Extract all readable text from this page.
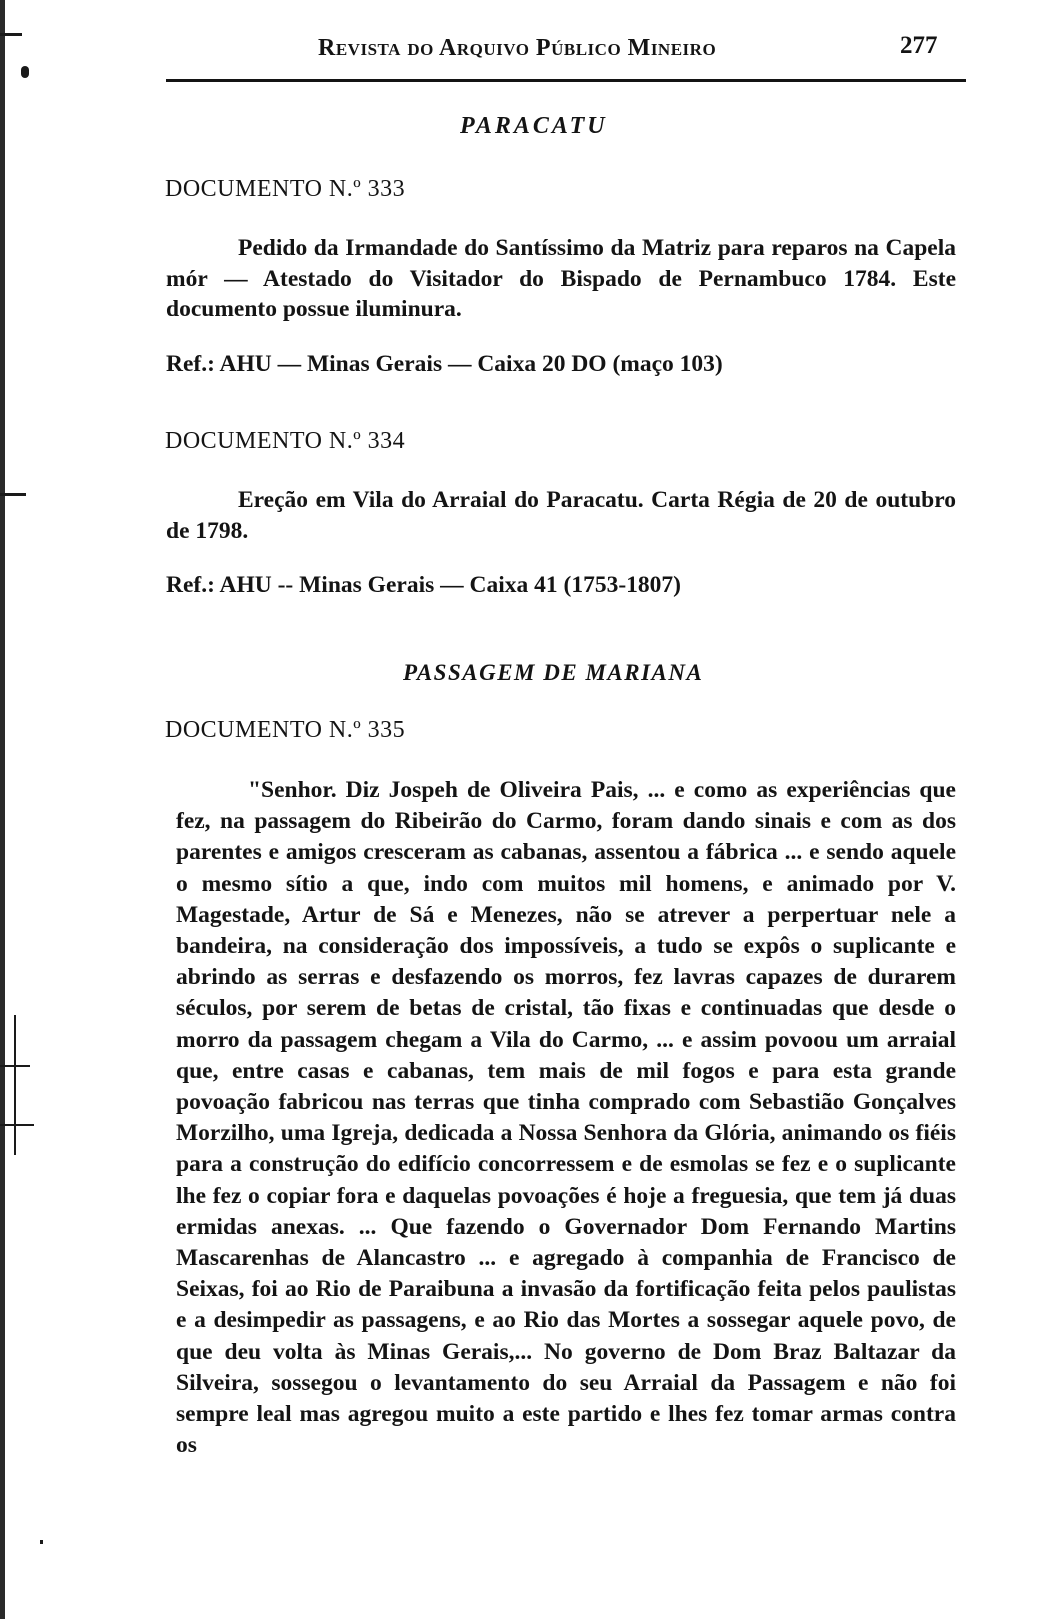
Revista do Arquivo Público Mineiro	277
PARACATU
DOCUMENTO N.º 333
Pedido da Irmandade do Santíssimo da Matriz para reparos na Capela mór — Atestado do Visitador do Bispado de Pernambuco 1784. Este documento possue iluminura.
Ref.: AHU — Minas Gerais — Caixa 20 DO (maço 103)
DOCUMENTO N.º 334
Ereção em Vila do Arraial do Paracatu. Carta Régia de 20 de outubro de 1798.
Ref.: AHU -- Minas Gerais — Caixa 41 (1753-1807)
PASSAGEM DE MARIANA
DOCUMENTO N.º 335
"Senhor. Diz Jospeh de Oliveira Pais, ... e como as experiências que fez, na passagem do Ribeirão do Carmo, foram dando sinais e com as dos parentes e amigos cresceram as cabanas, assentou a fábrica ... e sendo aquele o mesmo sítio a que, indo com muitos mil homens, e animado por V. Magestade, Artur de Sá e Menezes, não se atrever a perpertuar nele a bandeira, na consideração dos impossíveis, a tudo se expôs o suplicante e abrindo as serras e desfazendo os morros, fez lavras capazes de durarem séculos, por serem de betas de cristal, tão fixas e continuadas que desde o morro da passagem chegam a Vila do Carmo, ... e assim povoou um arraial que, entre casas e cabanas, tem mais de mil fogos e para esta grande povoação fabricou nas terras que tinha comprado com Sebastião Gonçalves Morzilho, uma Igreja, dedicada a Nossa Senhora da Glória, animando os fiéis para a construção do edifício concorressem e de esmolas se fez e o suplicante lhe fez o copiar fora e daquelas povoações é hoje a freguesia, que tem já duas ermidas anexas. ... Que fazendo o Governador Dom Fernando Martins Mascarenhas de Alancastro ... e agregado à companhia de Francisco de Seixas, foi ao Rio de Paraibuna a invasão da fortificação feita pelos paulistas e a desimpedir as passagens, e ao Rio das Mortes a sossegar aquele povo, de que deu volta às Minas Gerais,... No governo de Dom Braz Baltazar da Silveira, sossegou o levantamento do seu Arraial da Passagem e não foi sempre leal mas agregou muito a este partido e lhes fez tomar armas contra os
